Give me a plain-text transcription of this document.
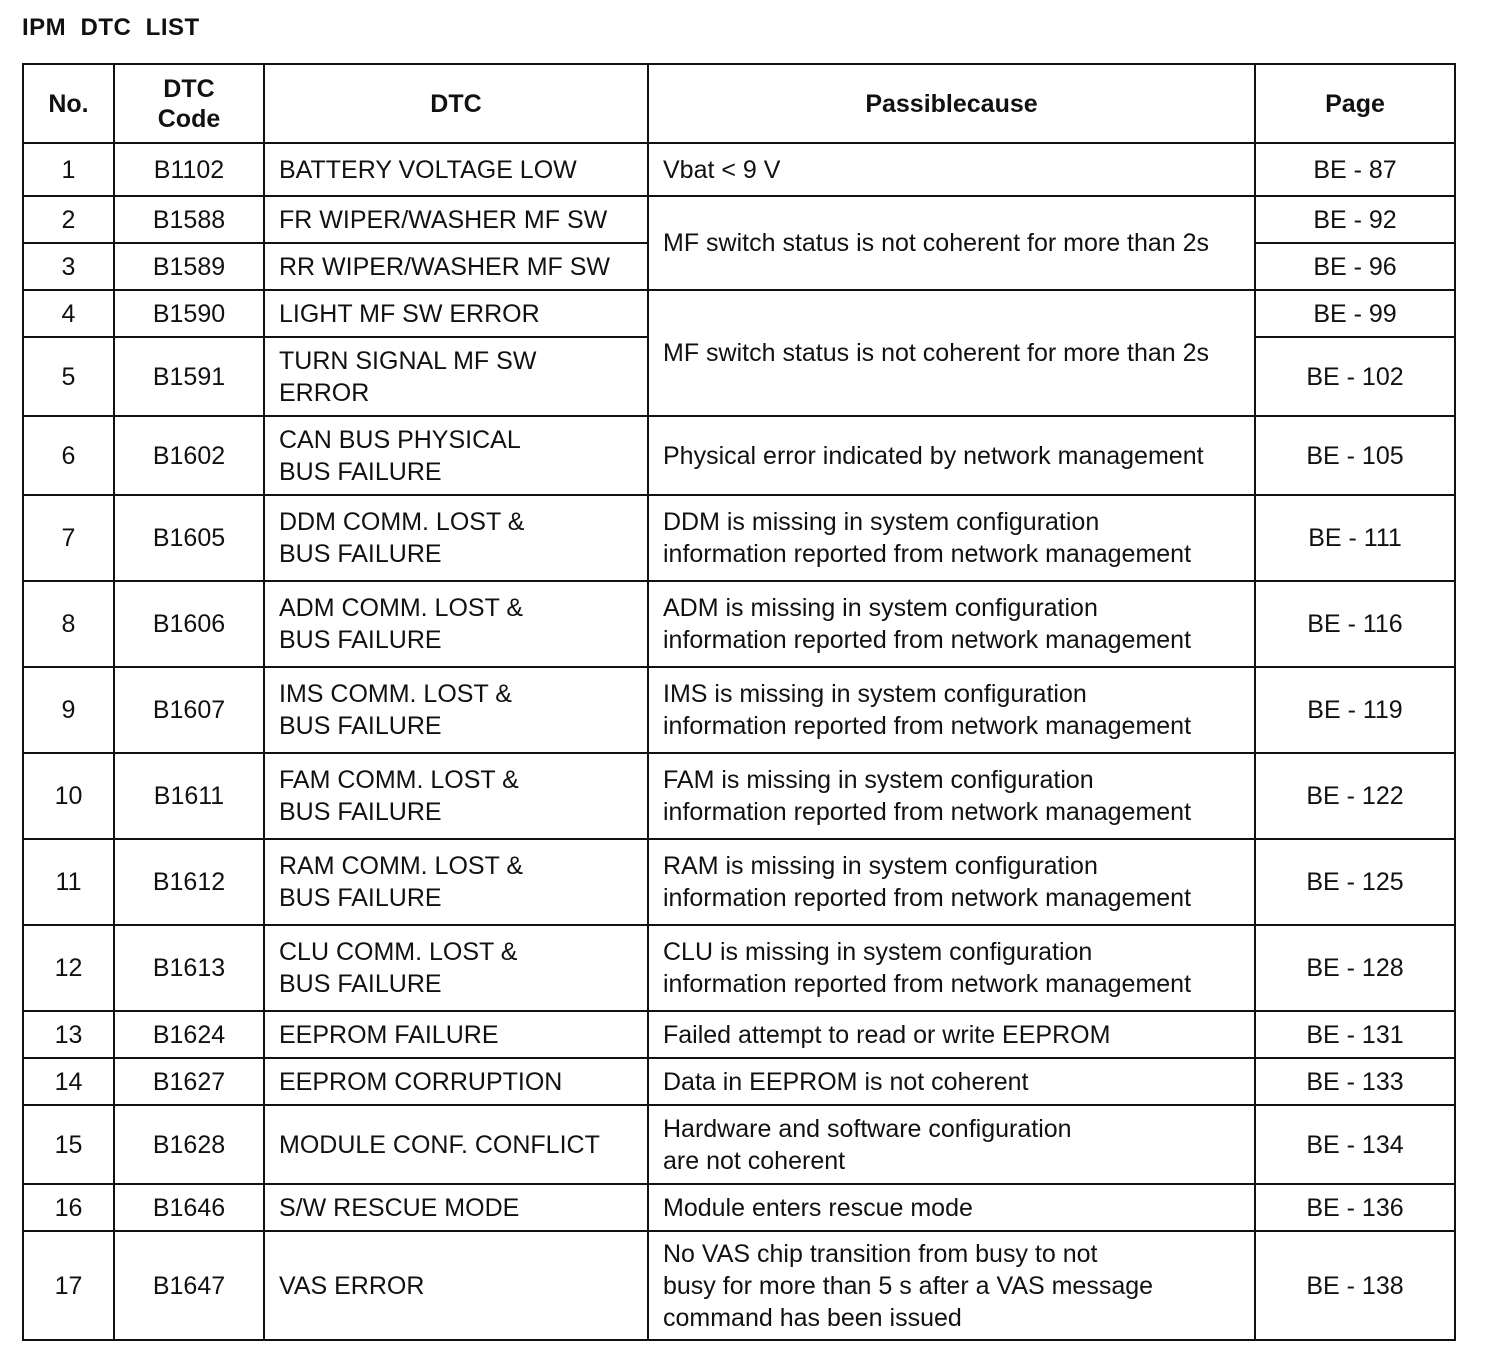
IPM  DTC  LIST
No.	DTC Code	DTC	Passiblecause	Page
1	B1102	BATTERY VOLTAGE LOW	Vbat < 9 V	BE - 87
2	B1588	FR WIPER/WASHER MF SW	MF switch status is not coherent for more than 2s	BE - 92
3	B1589	RR WIPER/WASHER MF SW		BE - 96
4	B1590	LIGHT MF SW ERROR	MF switch status is not coherent for more than 2s	BE - 99
5	B1591	TURN SIGNAL MF SW
ERROR		BE - 102
6	B1602	CAN BUS PHYSICAL
BUS FAILURE	Physical error indicated by network management	BE - 105
7	B1605	DDM COMM. LOST &
BUS FAILURE	DDM is missing in system configuration
information reported from network management	BE - 111
8	B1606	ADM COMM. LOST &
BUS FAILURE	ADM is missing in system configuration
information reported from network management	BE - 116
9	B1607	IMS COMM. LOST &
BUS FAILURE	IMS is missing in system configuration
information reported from network management	BE - 119
10	B1611	FAM COMM. LOST &
BUS FAILURE	FAM is missing in system configuration
information reported from network management	BE - 122
11	B1612	RAM COMM. LOST &
BUS FAILURE	RAM is missing in system configuration
information reported from network management	BE - 125
12	B1613	CLU COMM. LOST &
BUS FAILURE	CLU is missing in system configuration
information reported from network management	BE - 128
13	B1624	EEPROM FAILURE	Failed attempt to read or write EEPROM	BE - 131
14	B1627	EEPROM CORRUPTION	Data in EEPROM is not coherent	BE - 133
15	B1628	MODULE CONF. CONFLICT	Hardware and software configuration
are not coherent	BE - 134
16	B1646	S/W RESCUE MODE	Module enters rescue mode	BE - 136
17	B1647	VAS ERROR	No VAS chip transition from busy to not
busy for more than 5 s after a VAS message
command has been issued	BE - 138
